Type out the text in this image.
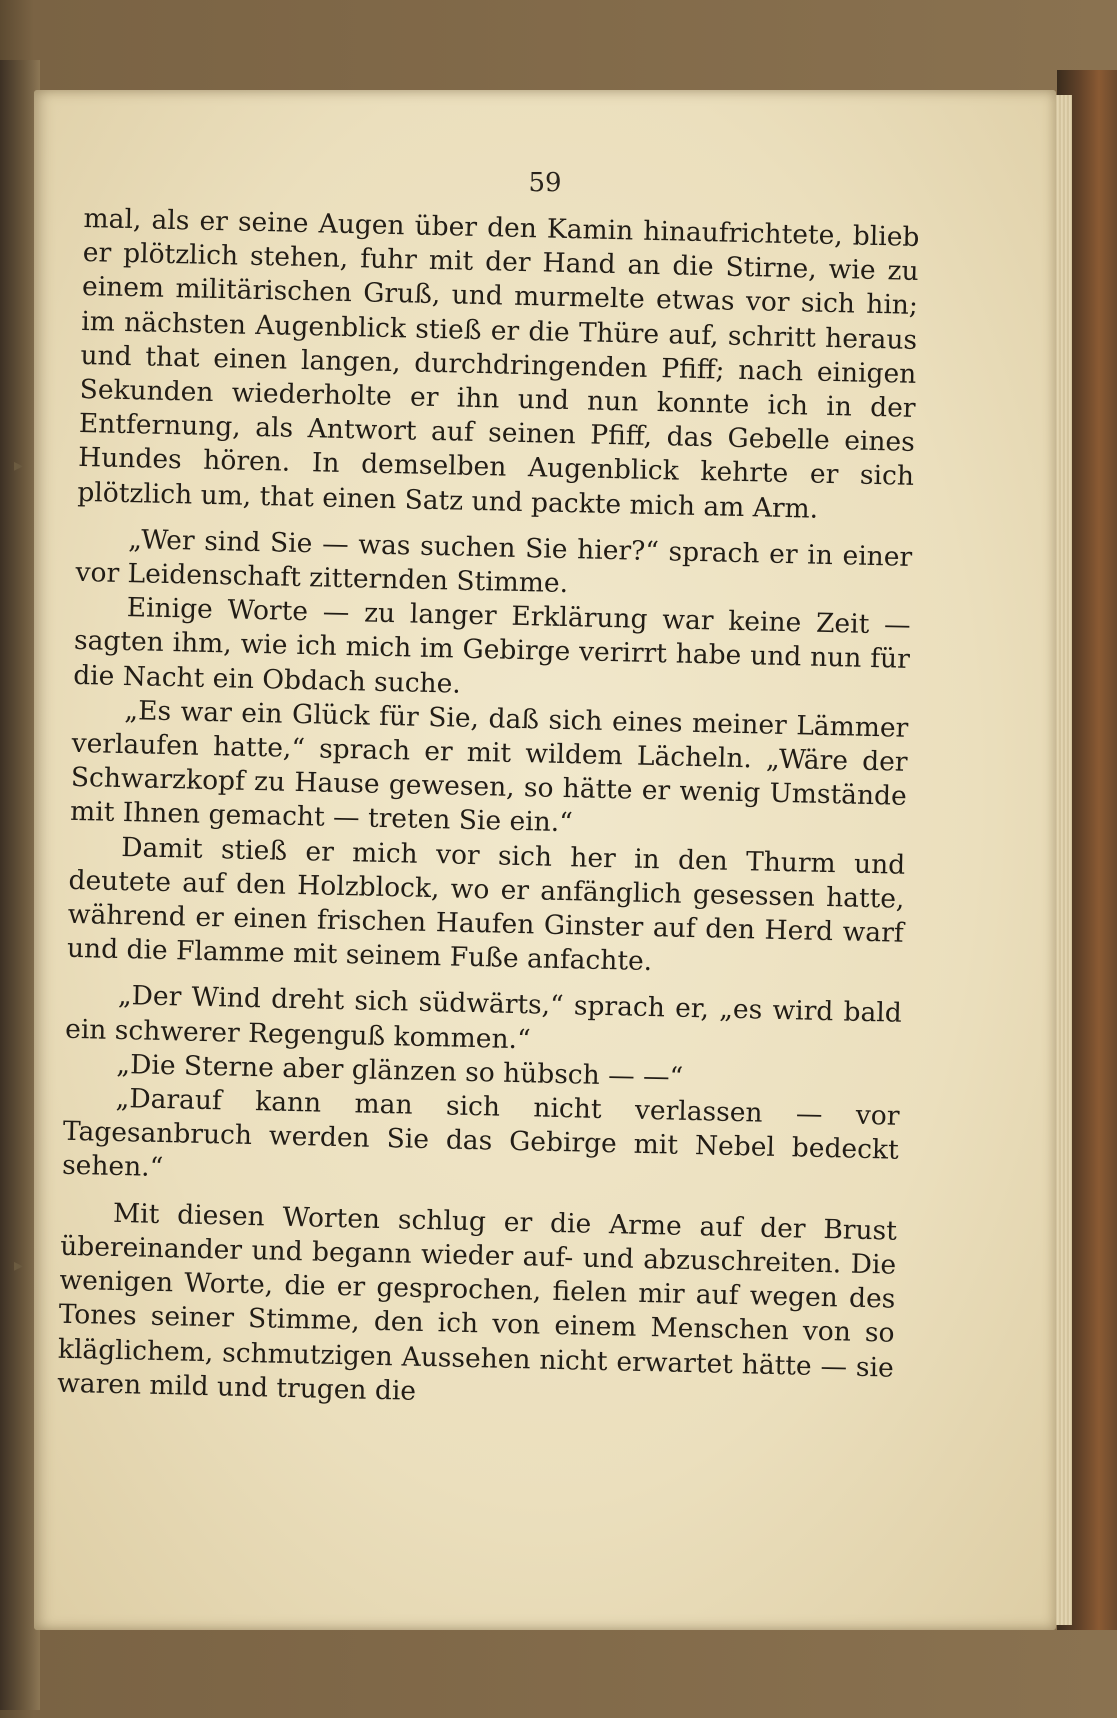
59

mal, als er seine Augen über den Kamin hinaufrichtete, blieb er plötzlich stehen, fuhr mit der Hand an die Stirne, wie zu einem militärischen Gruß, und murmelte etwas vor sich hin; im nächsten Augenblick stieß er die Thüre auf, schritt heraus und that einen langen, durchdringenden Pfiff; nach einigen Sekunden wiederholte er ihn und nun konnte ich in der Entfernung, als Antwort auf seinen Pfiff, das Gebelle eines Hundes hören. In demselben Augenblick kehrte er sich plötzlich um, that einen Satz und packte mich am Arm.

„Wer sind Sie — was suchen Sie hier?“ sprach er in einer vor Leidenschaft zitternden Stimme.

Einige Worte — zu langer Erklärung war keine Zeit — sagten ihm, wie ich mich im Gebirge verirrt habe und nun für die Nacht ein Obdach suche.

„Es war ein Glück für Sie, daß sich eines meiner Lämmer verlaufen hatte,“ sprach er mit wildem Lächeln. „Wäre der Schwarzkopf zu Hause gewesen, so hätte er wenig Umstände mit Ihnen gemacht — treten Sie ein.“

Damit stieß er mich vor sich her in den Thurm und deutete auf den Holzblock, wo er anfänglich gesessen hatte, während er einen frischen Haufen Ginster auf den Herd warf und die Flamme mit seinem Fuße anfachte.

„Der Wind dreht sich südwärts,“ sprach er, „es wird bald ein schwerer Regenguß kommen.“

„Die Sterne aber glänzen so hübsch — —“

„Darauf kann man sich nicht verlassen — vor Tagesanbruch werden Sie das Gebirge mit Nebel bedeckt sehen.“

Mit diesen Worten schlug er die Arme auf der Brust übereinander und begann wieder auf- und abzuschreiten. Die wenigen Worte, die er gesprochen, fielen mir auf wegen des Tones seiner Stimme, den ich von einem Menschen von so kläglichem, schmutzigen Aussehen nicht erwartet hätte — sie waren mild und trugen die

▸
▸
